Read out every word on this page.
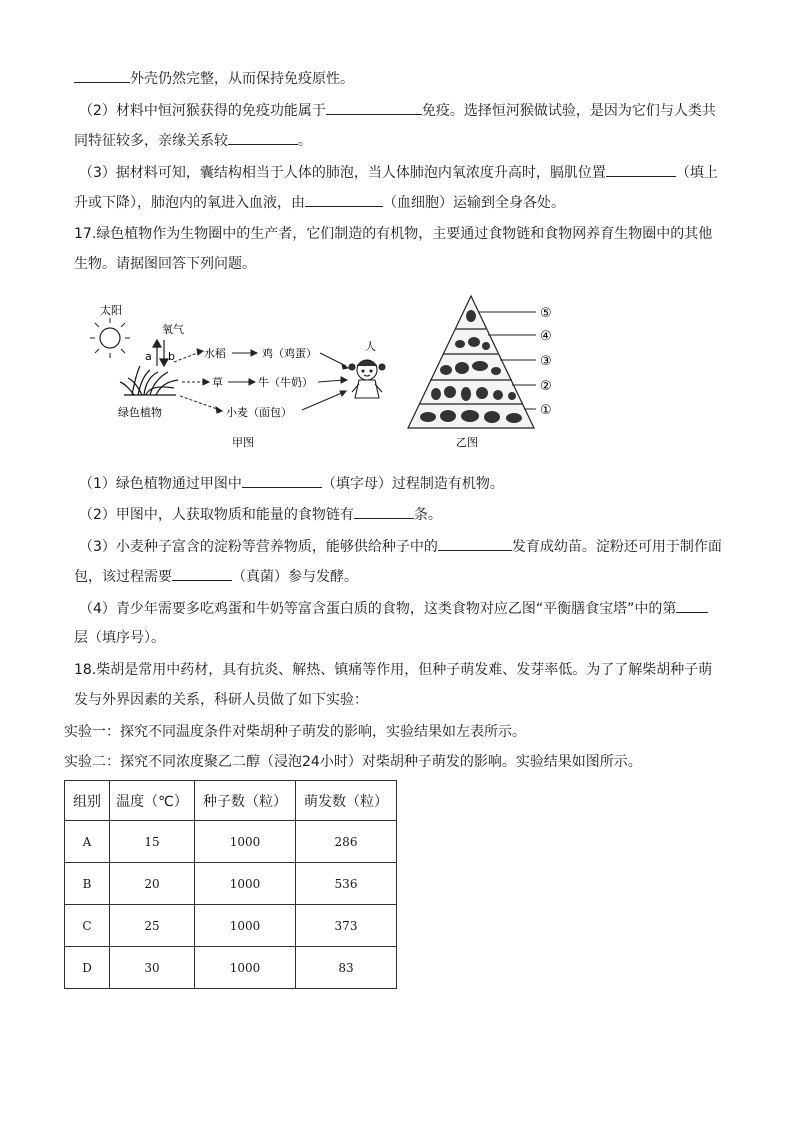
外壳仍然完整，从而保持免疫原性。
（2）材料中恒河猴获得的免疫功能属于	免疫。选择恒河猴做试验，是因为它们与人类共
同特征较多，亲缘关系较	。
（3）据材料可知，囊结构相当于人体的肺泡，当人体肺泡内氧浓度升高时，膈肌位置	（填上
升或下降），肺泡内的氧进入血液，由	（血细胞）运输到全身各处。
17.绿色植物作为生物圈中的生产者，它们制造的有机物，主要通过食物链和食物网养育生物圈中的其他
生物。请据图回答下列问题。
太阳
氧气
a b
绿色植物
水稻	鸡（鸡蛋）
草	牛（牛奶）
小麦（面包）
人
甲图
⑤
④
③
②
①
乙图
（1）绿色植物通过甲图中	（填字母）过程制造有机物。
（2）甲图中，人获取物质和能量的食物链有	条。
（3）小麦种子富含的淀粉等营养物质，能够供给种子中的	发育成幼苗。淀粉还可用于制作面
包，该过程需要	（真菌）参与发酵。
（4）青少年需要多吃鸡蛋和牛奶等富含蛋白质的食物，这类食物对应乙图“平衡膳食宝塔”中的第
层（填序号）。
18.柴胡是常用中药材，具有抗炎、解热、镇痛等作用，但种子萌发难、发芽率低。为了了解柴胡种子萌
发与外界因素的关系，科研人员做了如下实验：
实验一：探究不同温度条件对柴胡种子萌发的影响，实验结果如左表所示。
实验二：探究不同浓度聚乙二醇（浸泡24小时）对柴胡种子萌发的影响。实验结果如图所示。
组别	温度（℃）	种子数（粒）	萌发数（粒）
A	15	1000	286
B	20	1000	536
C	25	1000	373
D	30	1000	83
